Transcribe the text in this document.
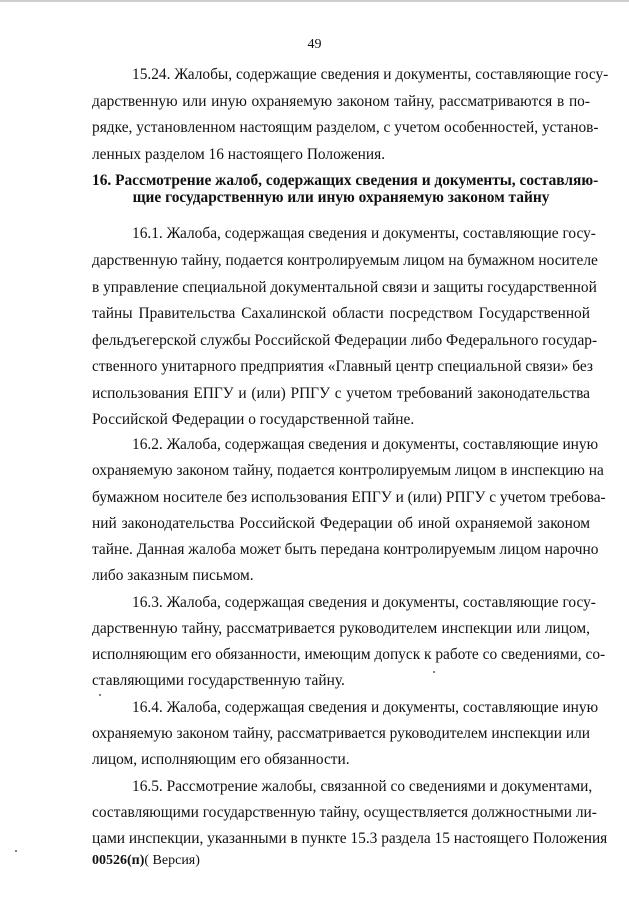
49
15.24. Жалобы, содержащие сведения и документы, составляющие госу-
дарственную или иную охраняемую законом тайну, рассматриваются в по-
рядке, установленном настоящим разделом, с учетом особенностей, установ-
ленных разделом 16 настоящего Положения.
16. Рассмотрение жалоб, содержащих сведения и документы, составляю-
щие государственную или иную охраняемую законом тайну
16.1. Жалоба, содержащая сведения и документы, составляющие госу-
дарственную тайну, подается контролируемым лицом на бумажном носителе
в управление специальной документальной связи и защиты государственной
тайны Правительства Сахалинской области посредством Государственной
фельдъегерской службы Российской Федерации либо Федерального государ-
ственного унитарного предприятия «Главный центр специальной связи» без
использования ЕПГУ и (или) РПГУ с учетом требований законодательства
Российской Федерации о государственной тайне.
16.2. Жалоба, содержащая сведения и документы, составляющие иную
охраняемую законом тайну, подается контролируемым лицом в инспекцию на
бумажном носителе без использования ЕПГУ и (или) РПГУ с учетом требова-
ний законодательства Российской Федерации об иной охраняемой законом
тайне. Данная жалоба может быть передана контролируемым лицом нарочно
либо заказным письмом.
16.3. Жалоба, содержащая сведения и документы, составляющие госу-
дарственную тайну, рассматривается руководителем инспекции или лицом,
исполняющим его обязанности, имеющим допуск к работе со сведениями, со-
ставляющими государственную тайну.
16.4. Жалоба, содержащая сведения и документы, составляющие иную
охраняемую законом тайну, рассматривается руководителем инспекции или
лицом, исполняющим его обязанности.
16.5. Рассмотрение жалобы, связанной со сведениями и документами,
составляющими государственную тайну, осуществляется должностными ли-
цами инспекции, указанными в пункте 15.3 раздела 15 настоящего Положения
00526(п)( Версия)
